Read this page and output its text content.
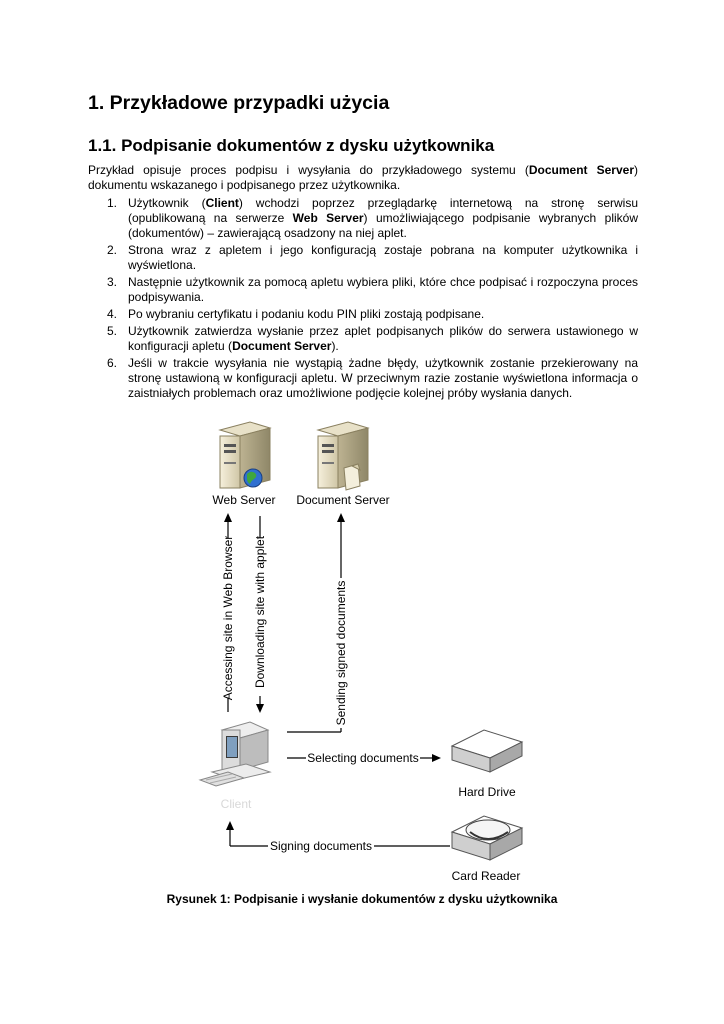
1. Przykładowe przypadki użycia
1.1. Podpisanie dokumentów z dysku użytkownika

Przykład opisuje proces podpisu i wysyłania do przykładowego systemu (Document Server) dokumentu wskazanego i podpisanego przez użytkownika.

1. Użytkownik (Client) wchodzi poprzez przeglądarkę internetową na stronę serwisu (opublikowaną na serwerze Web Server) umożliwiającego podpisanie wybranych plików (dokumentów) – zawierającą osadzony na niej aplet.
2. Strona wraz z apletem i jego konfiguracją zostaje pobrana na komputer użytkownika i wyświetlona.
3. Następnie użytkownik za pomocą apletu wybiera pliki, które chce podpisać i rozpoczyna proces podpisywania.
4. Po wybraniu certyfikatu i podaniu kodu PIN pliki zostają podpisane.
5. Użytkownik zatwierdza wysłanie przez aplet podpisanych plików do serwera ustawionego w konfiguracji apletu (Document Server).
6. Jeśli w trakcie wysyłania nie wystąpią żadne błędy, użytkownik zostanie przekierowany na stronę ustawioną w konfiguracji apletu. W przeciwnym razie zostanie wyświetlona informacja o zaistniałych problemach oraz umożliwione podjęcie kolejnej próby wysłania danych.
Web Server Document Server
Accessing site in Web Browser Downloading site with applet	Sending signed documents
Client
Selecting documents
Hard Drive
Signing documents
Card Reader
Rysunek 1: Podpisanie i wysłanie dokumentów z dysku użytkownika
